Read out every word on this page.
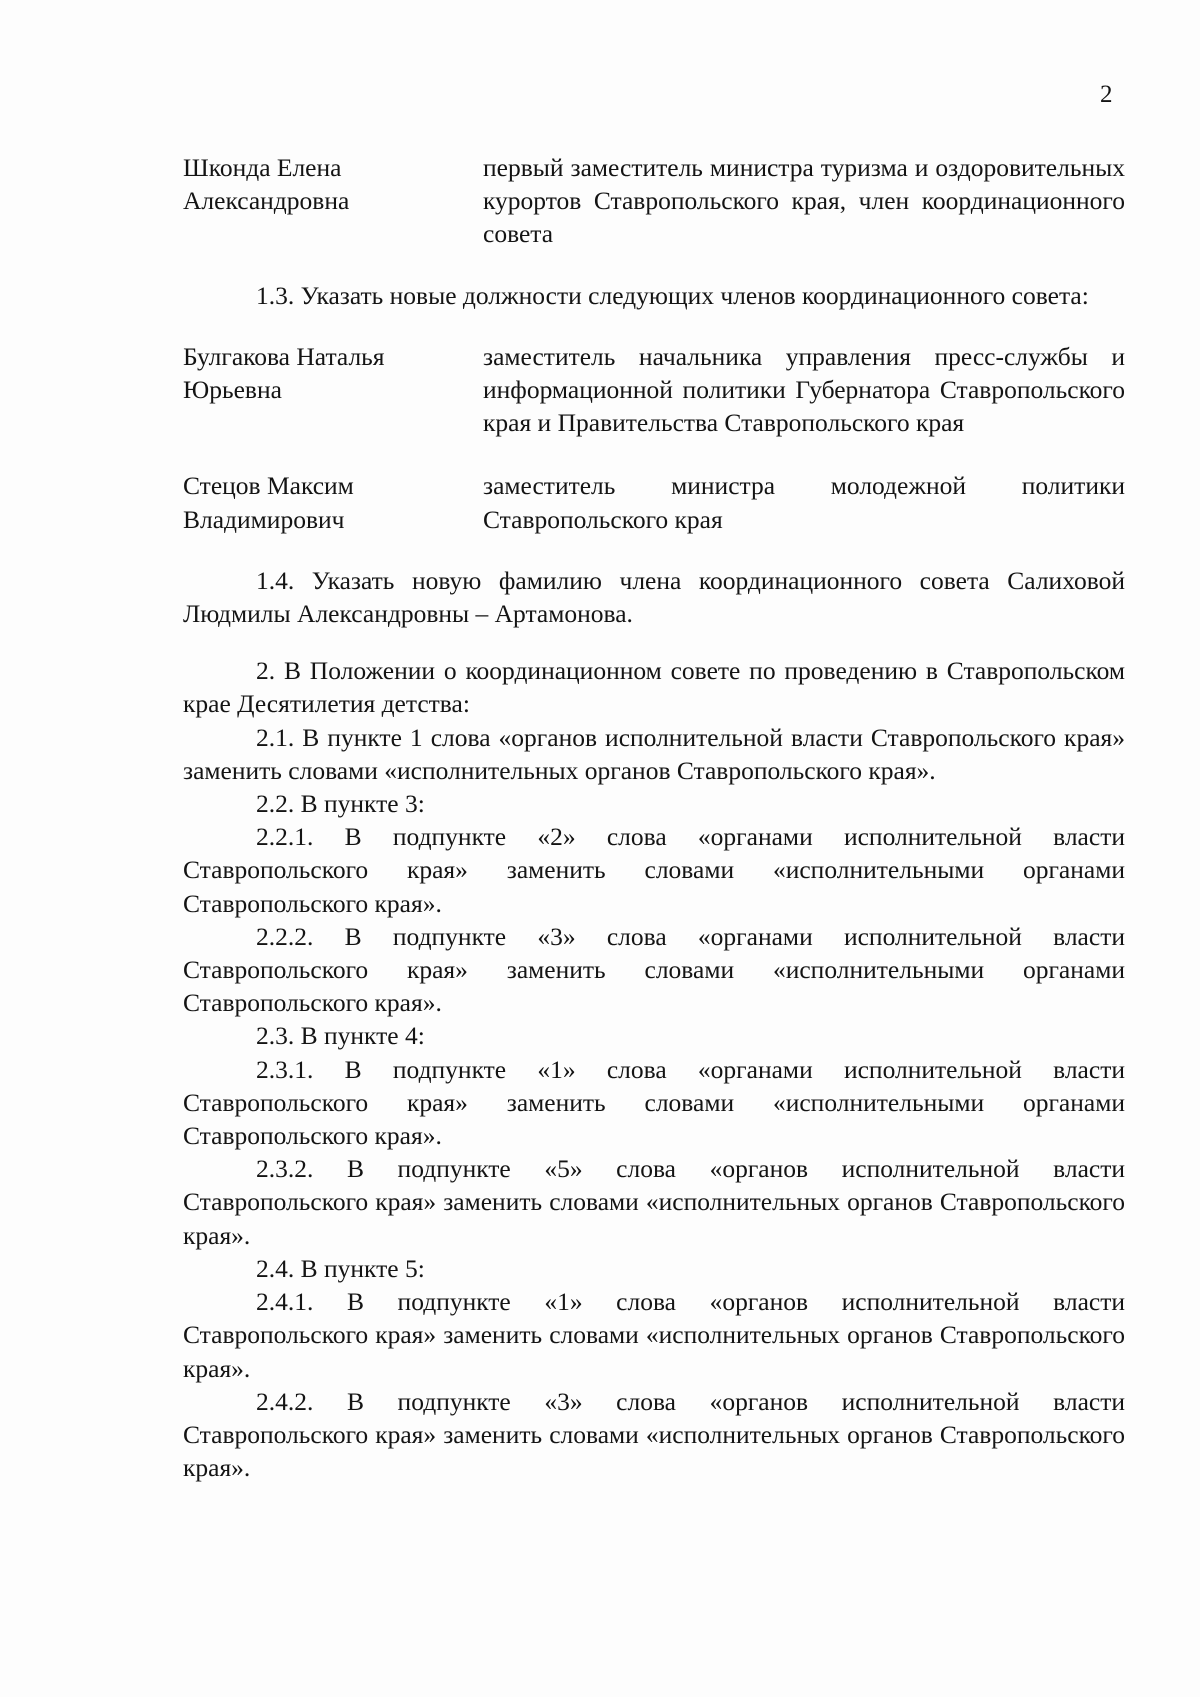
2
Шконда Елена Александровна
первый заместитель министра туризма и оздоровительных курортов Ставропольского края, член координационного совета

1.3. Указать новые должности следующих членов координационного совета:

Булгакова Наталья Юрьевна
заместитель начальника управления пресс-службы и информационной политики Губернатора Ставропольского края и Правительства Ставропольского края
Стецов Максим Владимирович
заместитель министра молодежной политики Ставропольского края

1.4. Указать новую фамилию члена координационного совета Салиховой Людмилы Александровны – Артамонова.

2. В Положении о координационном совете по проведению в Ставропольском крае Десятилетия детства:

2.1. В пункте 1 слова «органов исполнительной власти Ставропольского края» заменить словами «исполнительных органов Ставропольского края».

2.2. В пункте 3:

2.2.1. В подпункте «2» слова «органами исполнительной власти Ставропольского края» заменить словами «исполнительными органами Ставропольского края».

2.2.2. В подпункте «3» слова «органами исполнительной власти Ставропольского края» заменить словами «исполнительными органами Ставропольского края».

2.3. В пункте 4:

2.3.1. В подпункте «1» слова «органами исполнительной власти Ставропольского края» заменить словами «исполнительными органами Ставропольского края».

2.3.2. В подпункте «5» слова «органов исполнительной власти Ставропольского края» заменить словами «исполнительных органов Ставропольского края».

2.4. В пункте 5:

2.4.1. В подпункте «1» слова «органов исполнительной власти Ставропольского края» заменить словами «исполнительных органов Ставропольского края».

2.4.2. В подпункте «3» слова «органов исполнительной власти Ставропольского края» заменить словами «исполнительных органов Ставропольского края».
